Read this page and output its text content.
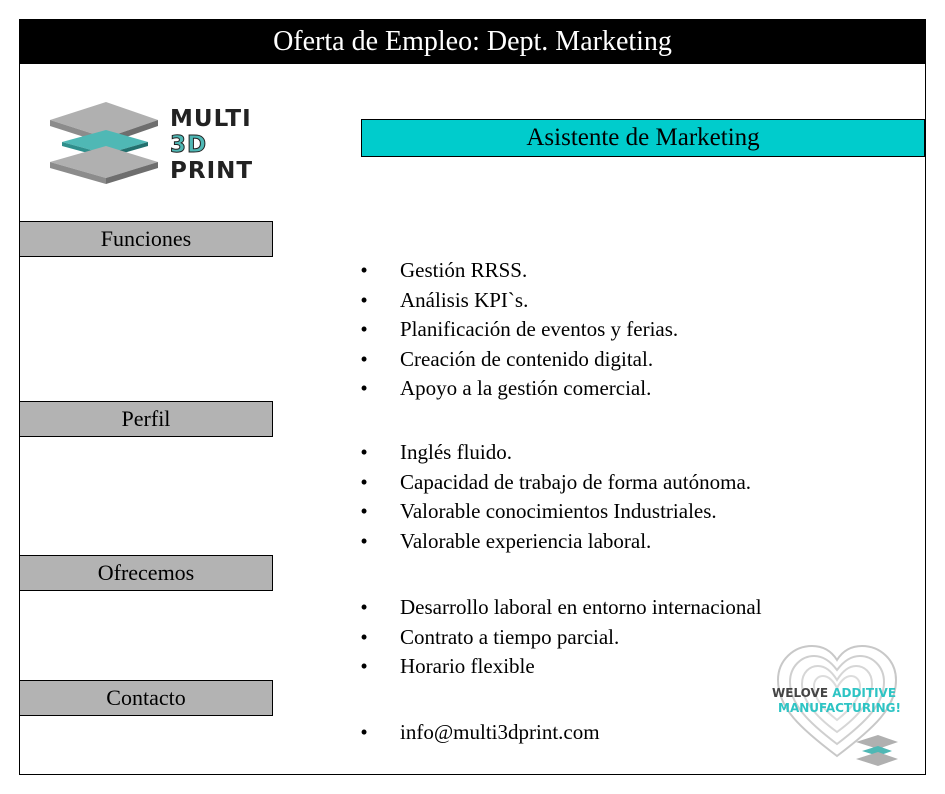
Oferta de Empleo: Dept. Marketing
MULTI
3D
PRINT
Asistente de Marketing
Funciones
Perfil
Ofrecemos
Contacto
• Gestión RRSS.
• Análisis KPI`s.
• Planificación de eventos y ferias.
• Creación de contenido digital.
• Apoyo a la gestión comercial.
• Inglés fluido.
• Capacidad de trabajo de forma autónoma.
• Valorable conocimientos Industriales.
• Valorable experiencia laboral.
• Desarrollo laboral en entorno internacional
• Contrato a tiempo parcial.
• Horario flexible
• info@multi3dprint.com
WELOVE ADDITIVE
MANUFACTURING!
